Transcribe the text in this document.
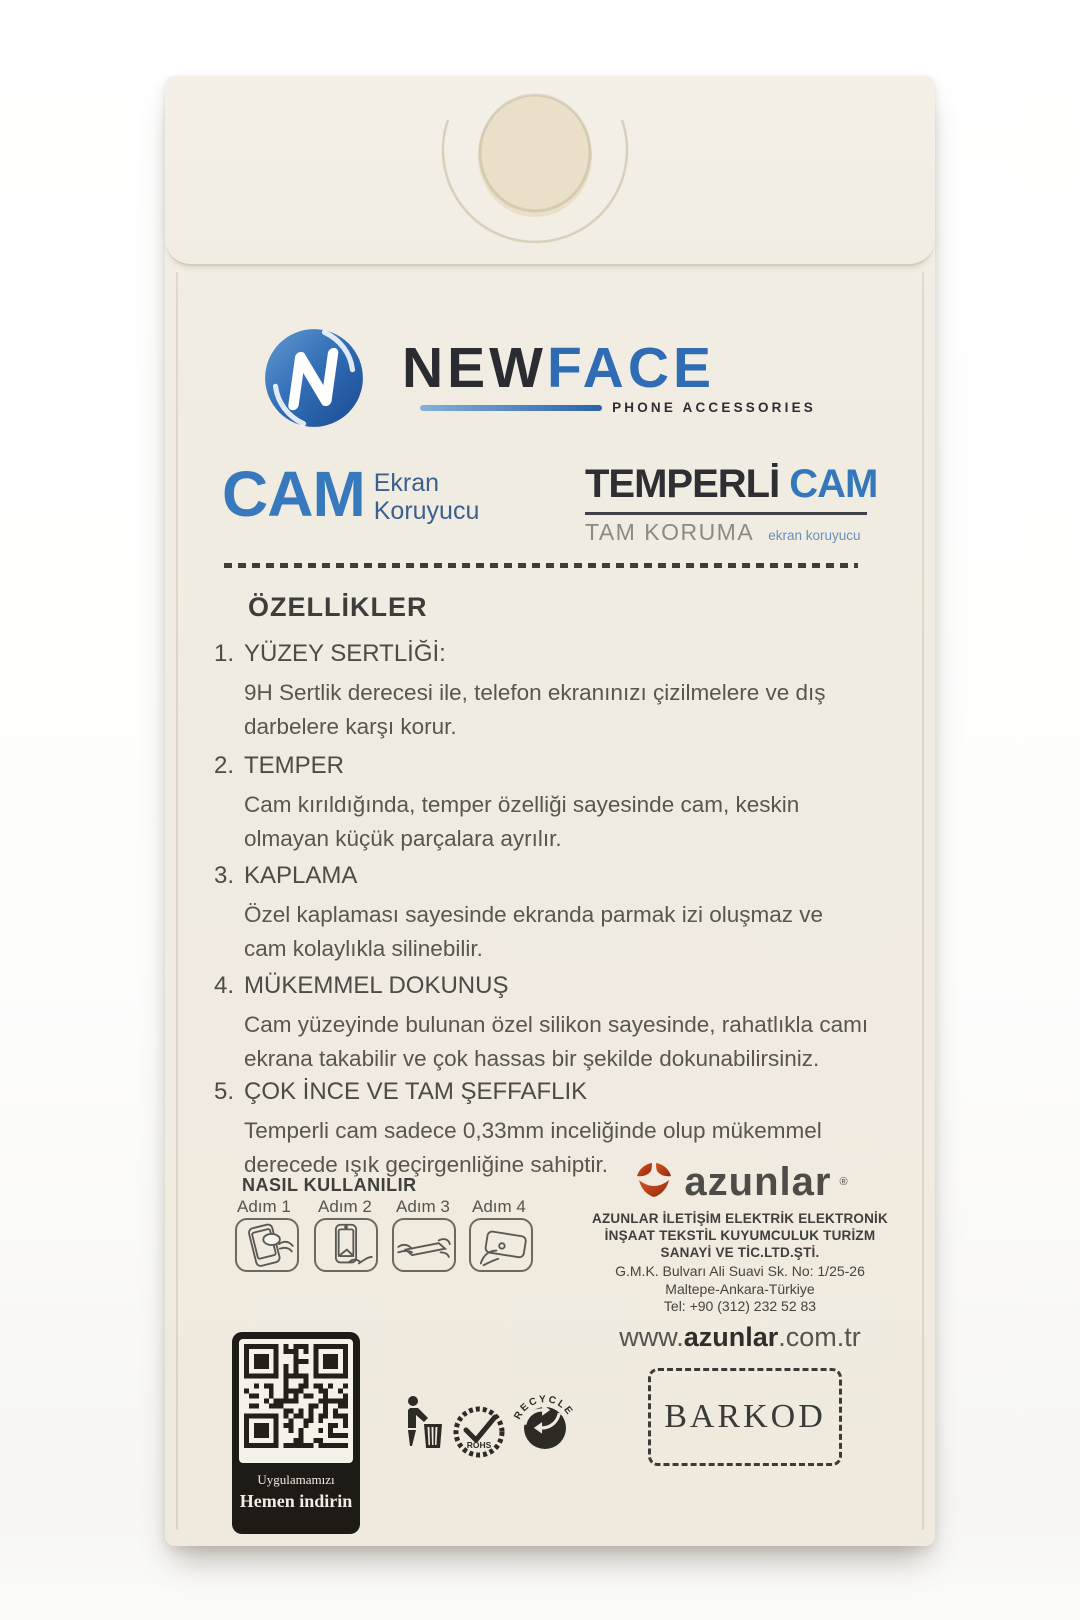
NEWFACE
PHONE ACCESSORIES
CAM Ekran
Koruyucu
TEMPERLİ CAM
TAM KORUMA ekran koruyucu
ÖZELLİKLER
1. YÜZEY SERTLİĞİ:
9H Sertlik derecesi ile, telefon ekranınızı çizilmelere ve dış darbelere karşı korur.
2. TEMPER
Cam kırıldığında, temper özelliği sayesinde cam, keskin olmayan küçük parçalara ayrılır.
3. KAPLAMA
Özel kaplaması sayesinde ekranda parmak izi oluşmaz ve cam kolaylıkla silinebilir.
4. MÜKEMMEL DOKUNUŞ
Cam yüzeyinde bulunan özel silikon sayesinde, rahatlıkla camı ekrana takabilir ve çok hassas bir şekilde dokunabilirsiniz.
5. ÇOK İNCE VE TAM ŞEFFAFLIK
Temperli cam sadece 0,33mm inceliğinde olup mükemmel derecede ışık geçirgenliğine sahiptir.
NASIL KULLANILIR
Adım 1 Adım 2 Adım 3 Adım 4
azunlar ®
AZUNLAR İLETİŞİM ELEKTRİK ELEKTRONİK
İNŞAAT TEKSTİL KUYUMCULUK TURİZM
SANAYİ VE TİC.LTD.ŞTİ.
G.M.K. Bulvarı Ali Suavi Sk. No: 1/25-26
Maltepe-Ankara-Türkiye
Tel: +90 (312) 232 52 83
www.azunlar.com.tr
Uygulamamızı
Hemen indirin
ROHS
RECYCLE	BARKOD
